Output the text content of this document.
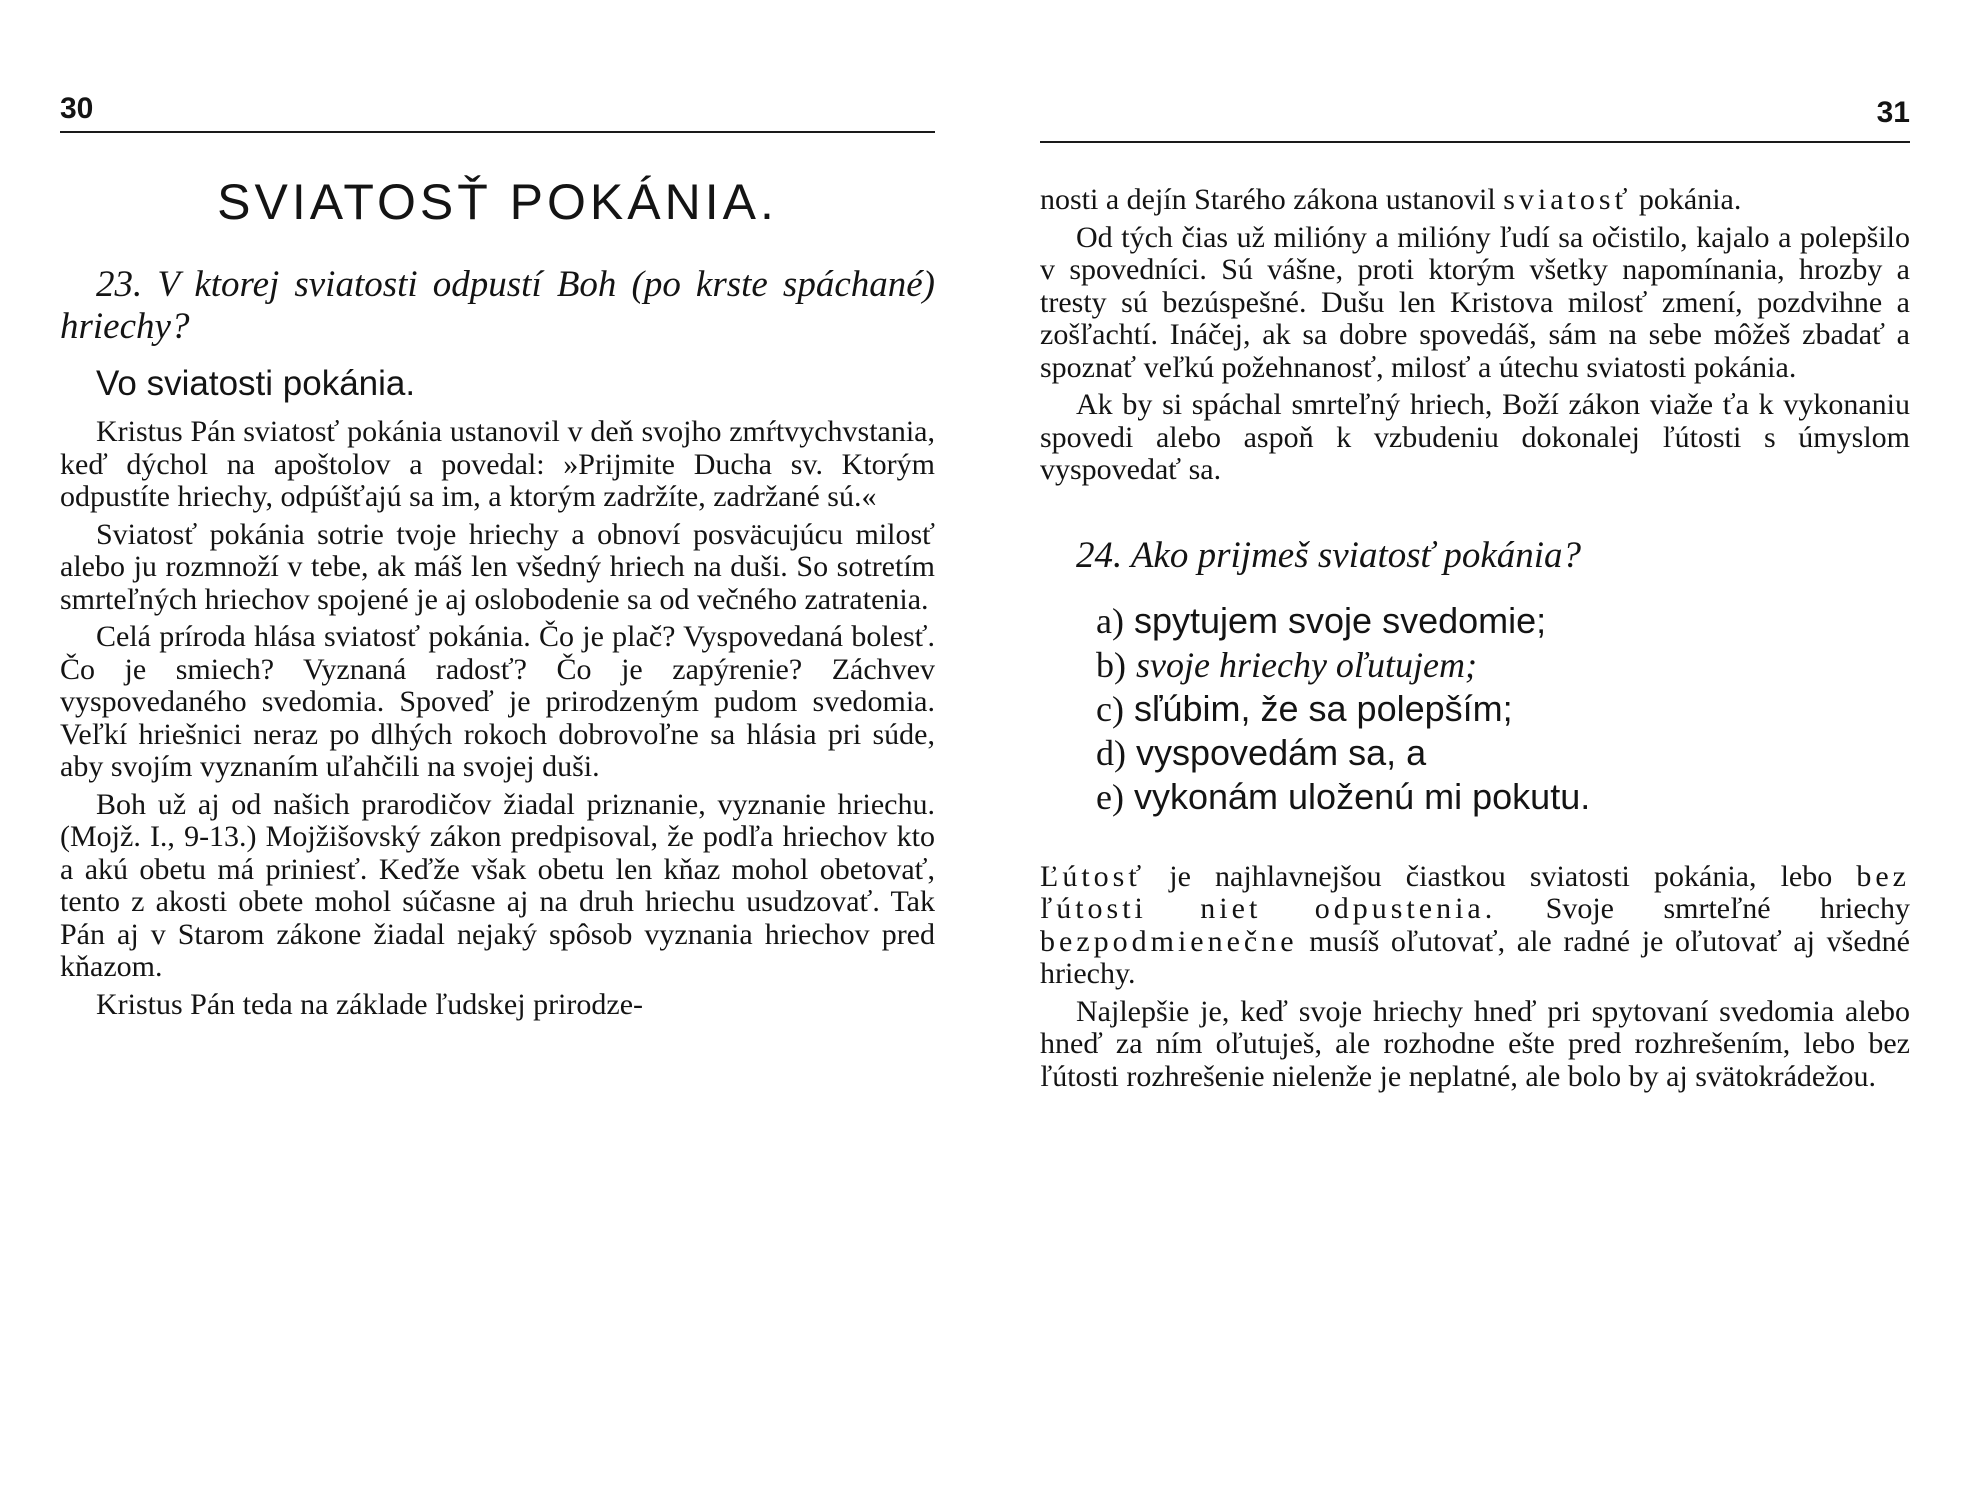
30
SVIATOSŤ POKÁNIA.
23. V ktorej sviatosti odpustí Boh (po krste spáchané) hriechy?
Vo sviatosti pokánia.

Kristus Pán sviatosť pokánia ustanovil v deň svojho zmŕtvychvstania, keď dýchol na apoštolov a povedal: »Prijmite Ducha sv. Ktorým odpustíte hriechy, odpúšťajú sa im, a ktorým zadržíte, zadržané sú.«

Sviatosť pokánia sotrie tvoje hriechy a obnoví posväcujúcu milosť alebo ju rozmnoží v tebe, ak máš len všedný hriech na duši. So sotretím smrteľných hriechov spojené je aj oslobodenie sa od večného zatratenia.

Celá príroda hlása sviatosť pokánia. Čo je plač? Vyspovedaná bolesť. Čo je smiech? Vyznaná radosť? Čo je zapýrenie? Záchvev vyspovedaného svedomia. Spoveď je prirodzeným pudom svedomia. Veľkí hriešnici neraz po dlhých rokoch dobrovoľne sa hlásia pri súde, aby svojím vyznaním uľahčili na svojej duši.

Boh už aj od našich prarodičov žiadal priznanie, vyznanie hriechu. (Mojž. I., 9-13.) Mojžišovský zákon predpisoval, že podľa hriechov kto a akú obetu má priniesť. Keďže však obetu len kňaz mohol obetovať, tento z akosti obete mohol súčasne aj na druh hriechu usudzovať. Tak Pán aj v Starom zákone žiadal nejaký spôsob vyznania hriechov pred kňazom.

Kristus Pán teda na základe ľudskej prirodze-

31

nosti a dejín Starého zákona ustanovil sviatosť pokánia.

Od tých čias už milióny a milióny ľudí sa očistilo, kajalo a polepšilo v spovedníci. Sú vášne, proti ktorým všetky napomínania, hrozby a tresty sú bezúspešné. Dušu len Kristova milosť zmení, pozdvihne a zošľachtí. Ináčej, ak sa dobre spovedáš, sám na sebe môžeš zbadať a spoznať veľkú požehnanosť, milosť a útechu sviatosti pokánia.

Ak by si spáchal smrteľný hriech, Boží zákon viaže ťa k vykonaniu spovedi alebo aspoň k vzbudeniu dokonalej ľútosti s úmyslom vyspovedať sa.

24. Ako prijmeš sviatosť pokánia?
a) spytujem svoje svedomie;
b) svoje hriechy oľutujem;
c) sľúbim, že sa polepším;
d) vyspovedám sa, a
e) vykonám uloženú mi pokutu.

Ľútosť je najhlavnejšou čiastkou sviatosti pokánia, lebo bez ľútosti niet odpustenia. Svoje smrteľné hriechy bezpodmienečne musíš oľutovať, ale radné je oľutovať aj všedné hriechy.

Najlepšie je, keď svoje hriechy hneď pri spytovaní svedomia alebo hneď za ním oľutuješ, ale rozhodne ešte pred rozhrešením, lebo bez ľútosti rozhrešenie nielenže je neplatné, ale bolo by aj svätokrádežou.
